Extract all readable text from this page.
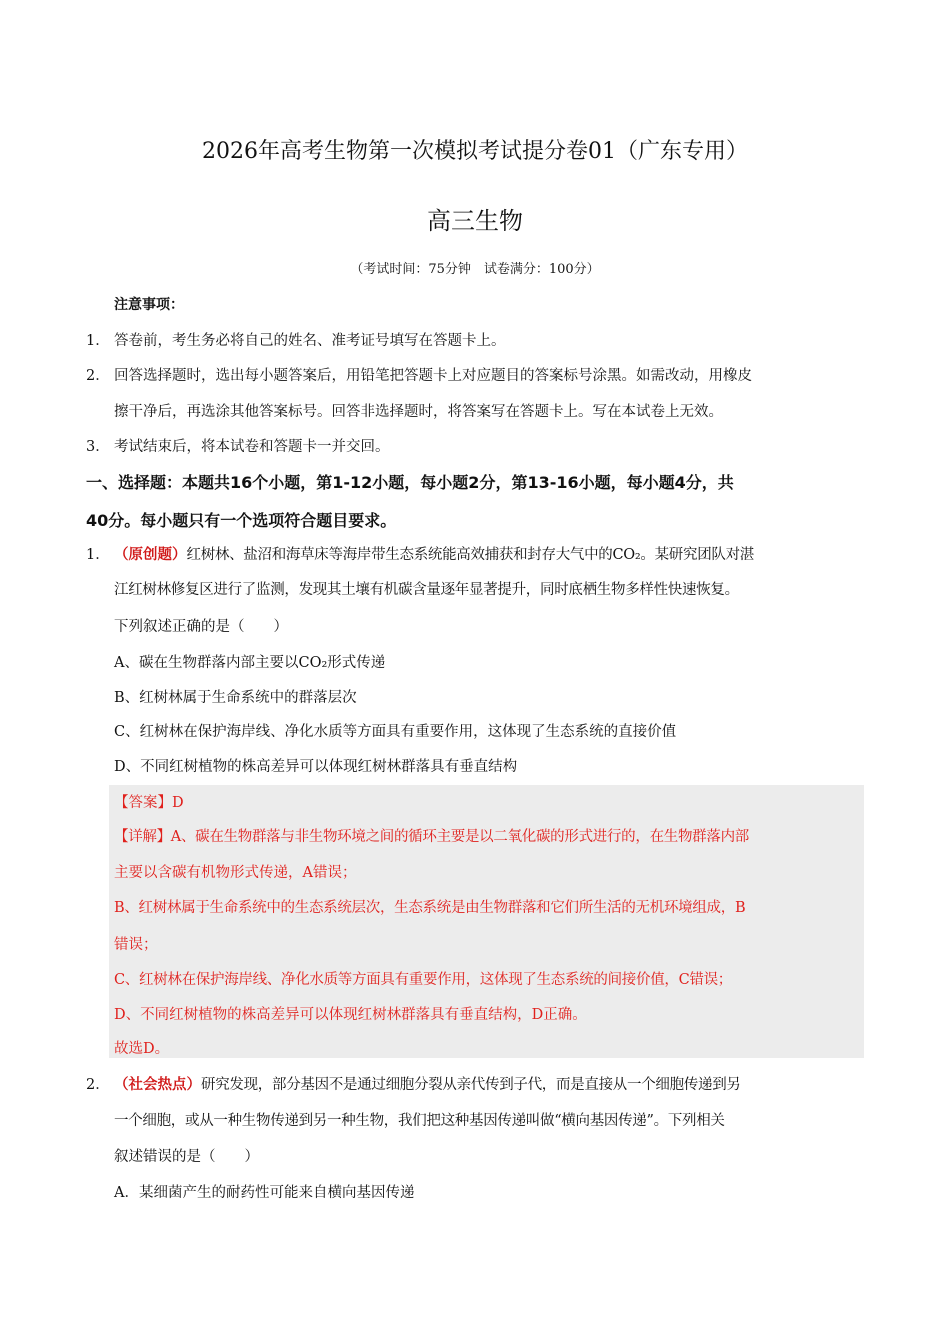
2026年高考生物第一次模拟考试提分卷01（广东专用）
高三生物
（考试时间：75分钟　试卷满分：100分）
注意事项：
1． 答卷前，考生务必将自己的姓名、准考证号填写在答题卡上。
2． 回答选择题时，选出每小题答案后，用铅笔把答题卡上对应题目的答案标号涂黑。如需改动，用橡皮
擦干净后，再选涂其他答案标号。回答非选择题时，将答案写在答题卡上。写在本试卷上无效。
3． 考试结束后，将本试卷和答题卡一并交回。
一、选择题：本题共16个小题，第1-12小题，每小题2分，第13-16小题，每小题4分，共
40分。每小题只有一个选项符合题目要求。
1． （原创题）红树林、盐沼和海草床等海岸带生态系统能高效捕获和封存大气中的CO₂。某研究团队对湛
江红树林修复区进行了监测，发现其土壤有机碳含量逐年显著提升，同时底栖生物多样性快速恢复。
下列叙述正确的是（　　）
A、碳在生物群落内部主要以CO₂形式传递
B、红树林属于生命系统中的群落层次
C、红树林在保护海岸线、净化水质等方面具有重要作用，这体现了生态系统的直接价值
D、不同红树植物的株高差异可以体现红树林群落具有垂直结构
【答案】D
【详解】A、碳在生物群落与非生物环境之间的循环主要是以二氧化碳的形式进行的，在生物群落内部
主要以含碳有机物形式传递，A错误；
B、红树林属于生命系统中的生态系统层次，生态系统是由生物群落和它们所生活的无机环境组成，B
错误；
C、红树林在保护海岸线、净化水质等方面具有重要作用，这体现了生态系统的间接价值，C错误；
D、不同红树植物的株高差异可以体现红树林群落具有垂直结构，D正确。
故选D。
2． （社会热点）研究发现，部分基因不是通过细胞分裂从亲代传到子代，而是直接从一个细胞传递到另
一个细胞，或从一种生物传递到另一种生物，我们把这种基因传递叫做“横向基因传递”。下列相关
叙述错误的是（　　）
A．某细菌产生的耐药性可能来自横向基因传递
